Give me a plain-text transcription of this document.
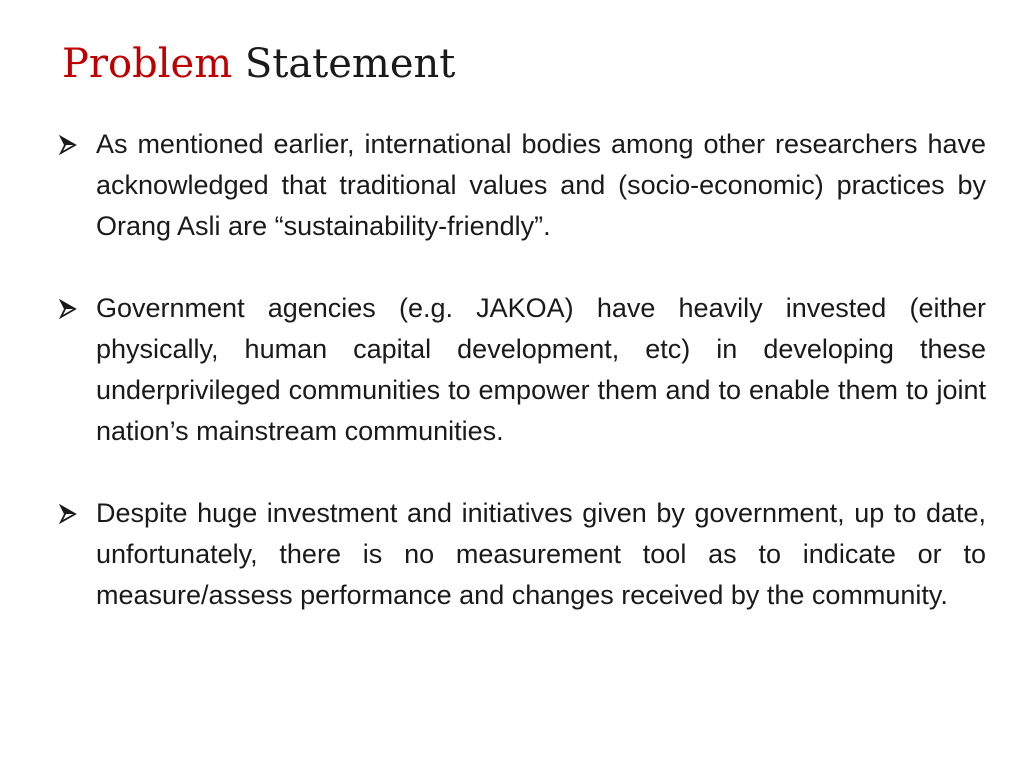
Problem Statement
As mentioned earlier, international bodies among other researchers have acknowledged that traditional values and (socio-economic) practices by Orang Asli are “sustainability-friendly”.
Government agencies (e.g. JAKOA) have heavily invested (either physically, human capital development, etc) in developing these underprivileged communities to empower them and to enable them to joint nation’s mainstream communities.
Despite huge investment and initiatives given by government, up to date, unfortunately, there is no measurement tool as to indicate or to measure/assess performance and changes received by the community.
